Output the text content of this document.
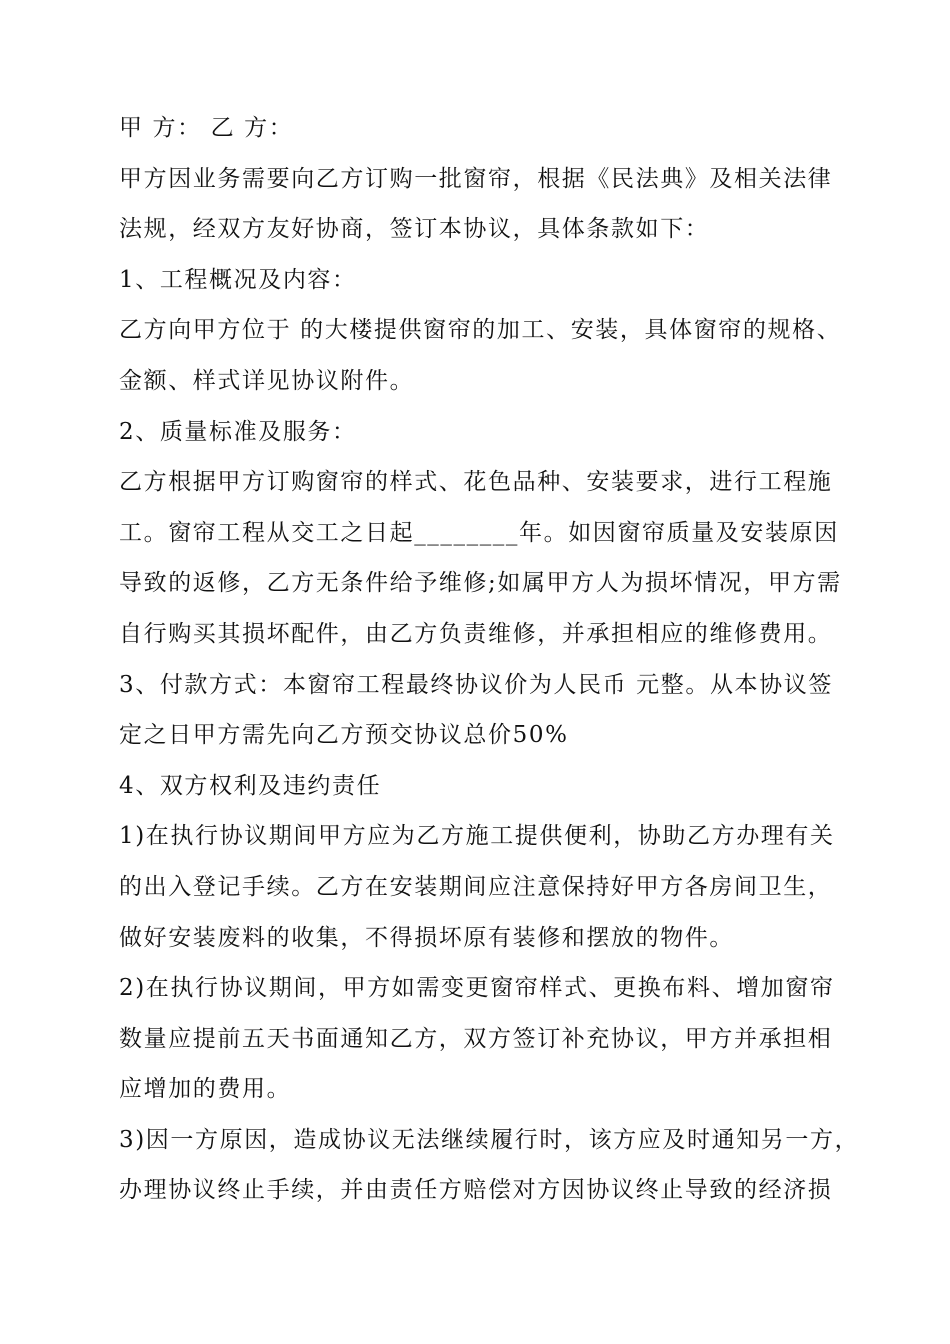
甲 方： 乙 方：
甲方因业务需要向乙方订购一批窗帘，根据《民法典》及相关法律
法规，经双方友好协商，签订本协议，具体条款如下：
1、工程概况及内容：
乙方向甲方位于 的大楼提供窗帘的加工、安装，具体窗帘的规格、
金额、样式详见协议附件。
2、质量标准及服务：
乙方根据甲方订购窗帘的样式、花色品种、安装要求，进行工程施
工。窗帘工程从交工之日起________年。如因窗帘质量及安装原因
导致的返修，乙方无条件给予维修;如属甲方人为损坏情况，甲方需
自行购买其损坏配件，由乙方负责维修，并承担相应的维修费用。
3、付款方式：本窗帘工程最终协议价为人民币 元整。从本协议签
定之日甲方需先向乙方预交协议总价50%
4、双方权利及违约责任
1)在执行协议期间甲方应为乙方施工提供便利，协助乙方办理有关
的出入登记手续。乙方在安装期间应注意保持好甲方各房间卫生，
做好安装废料的收集，不得损坏原有装修和摆放的物件。
2)在执行协议期间，甲方如需变更窗帘样式、更换布料、增加窗帘
数量应提前五天书面通知乙方，双方签订补充协议，甲方并承担相
应增加的费用。
3)因一方原因，造成协议无法继续履行时，该方应及时通知另一方，
办理协议终止手续，并由责任方赔偿对方因协议终止导致的经济损
